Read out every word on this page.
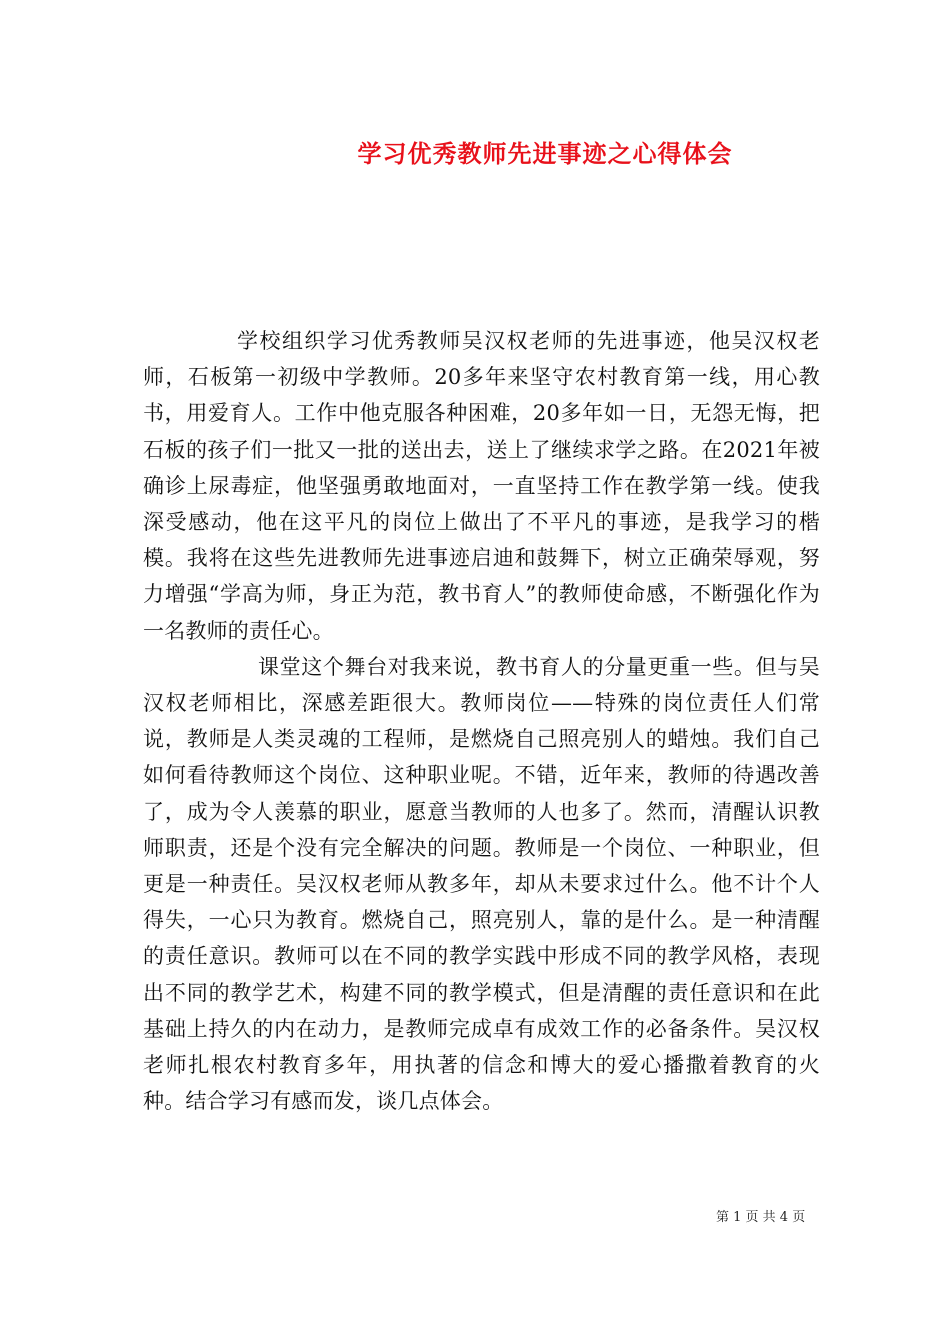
学习优秀教师先进事迹之心得体会

学校组织学习优秀教师吴汉权老师的先进事迹，他吴汉权老师，石板第一初级中学教师。20多年来坚守农村教育第一线，用心教书，用爱育人。工作中他克服各种困难，20多年如一日，无怨无悔，把石板的孩子们一批又一批的送出去，送上了继续求学之路。在2021年被确诊上尿毒症，他坚强勇敢地面对，一直坚持工作在教学第一线。使我深受感动，他在这平凡的岗位上做出了不平凡的事迹，是我学习的楷模。我将在这些先进教师先进事迹启迪和鼓舞下，树立正确荣辱观，努力增强“学高为师，身正为范，教书育人”的教师使命感，不断强化作为一名教师的责任心。

课堂这个舞台对我来说，教书育人的分量更重一些。但与吴汉权老师相比，深感差距很大。教师岗位——特殊的岗位责任人们常说，教师是人类灵魂的工程师，是燃烧自己照亮别人的蜡烛。我们自己如何看待教师这个岗位、这种职业呢。不错，近年来，教师的待遇改善了，成为令人羡慕的职业，愿意当教师的人也多了。然而，清醒认识教师职责，还是个没有完全解决的问题。教师是一个岗位、一种职业，但更是一种责任。吴汉权老师从教多年，却从未要求过什么。他不计个人得失，一心只为教育。燃烧自己，照亮别人，靠的是什么。是一种清醒的责任意识。教师可以在不同的教学实践中形成不同的教学风格，表现出不同的教学艺术，构建不同的教学模式，但是清醒的责任意识和在此基础上持久的内在动力，是教师完成卓有成效工作的必备条件。吴汉权老师扎根农村教育多年，用执著的信念和博大的爱心播撒着教育的火种。结合学习有感而发，谈几点体会。

第 1 页 共 4 页
